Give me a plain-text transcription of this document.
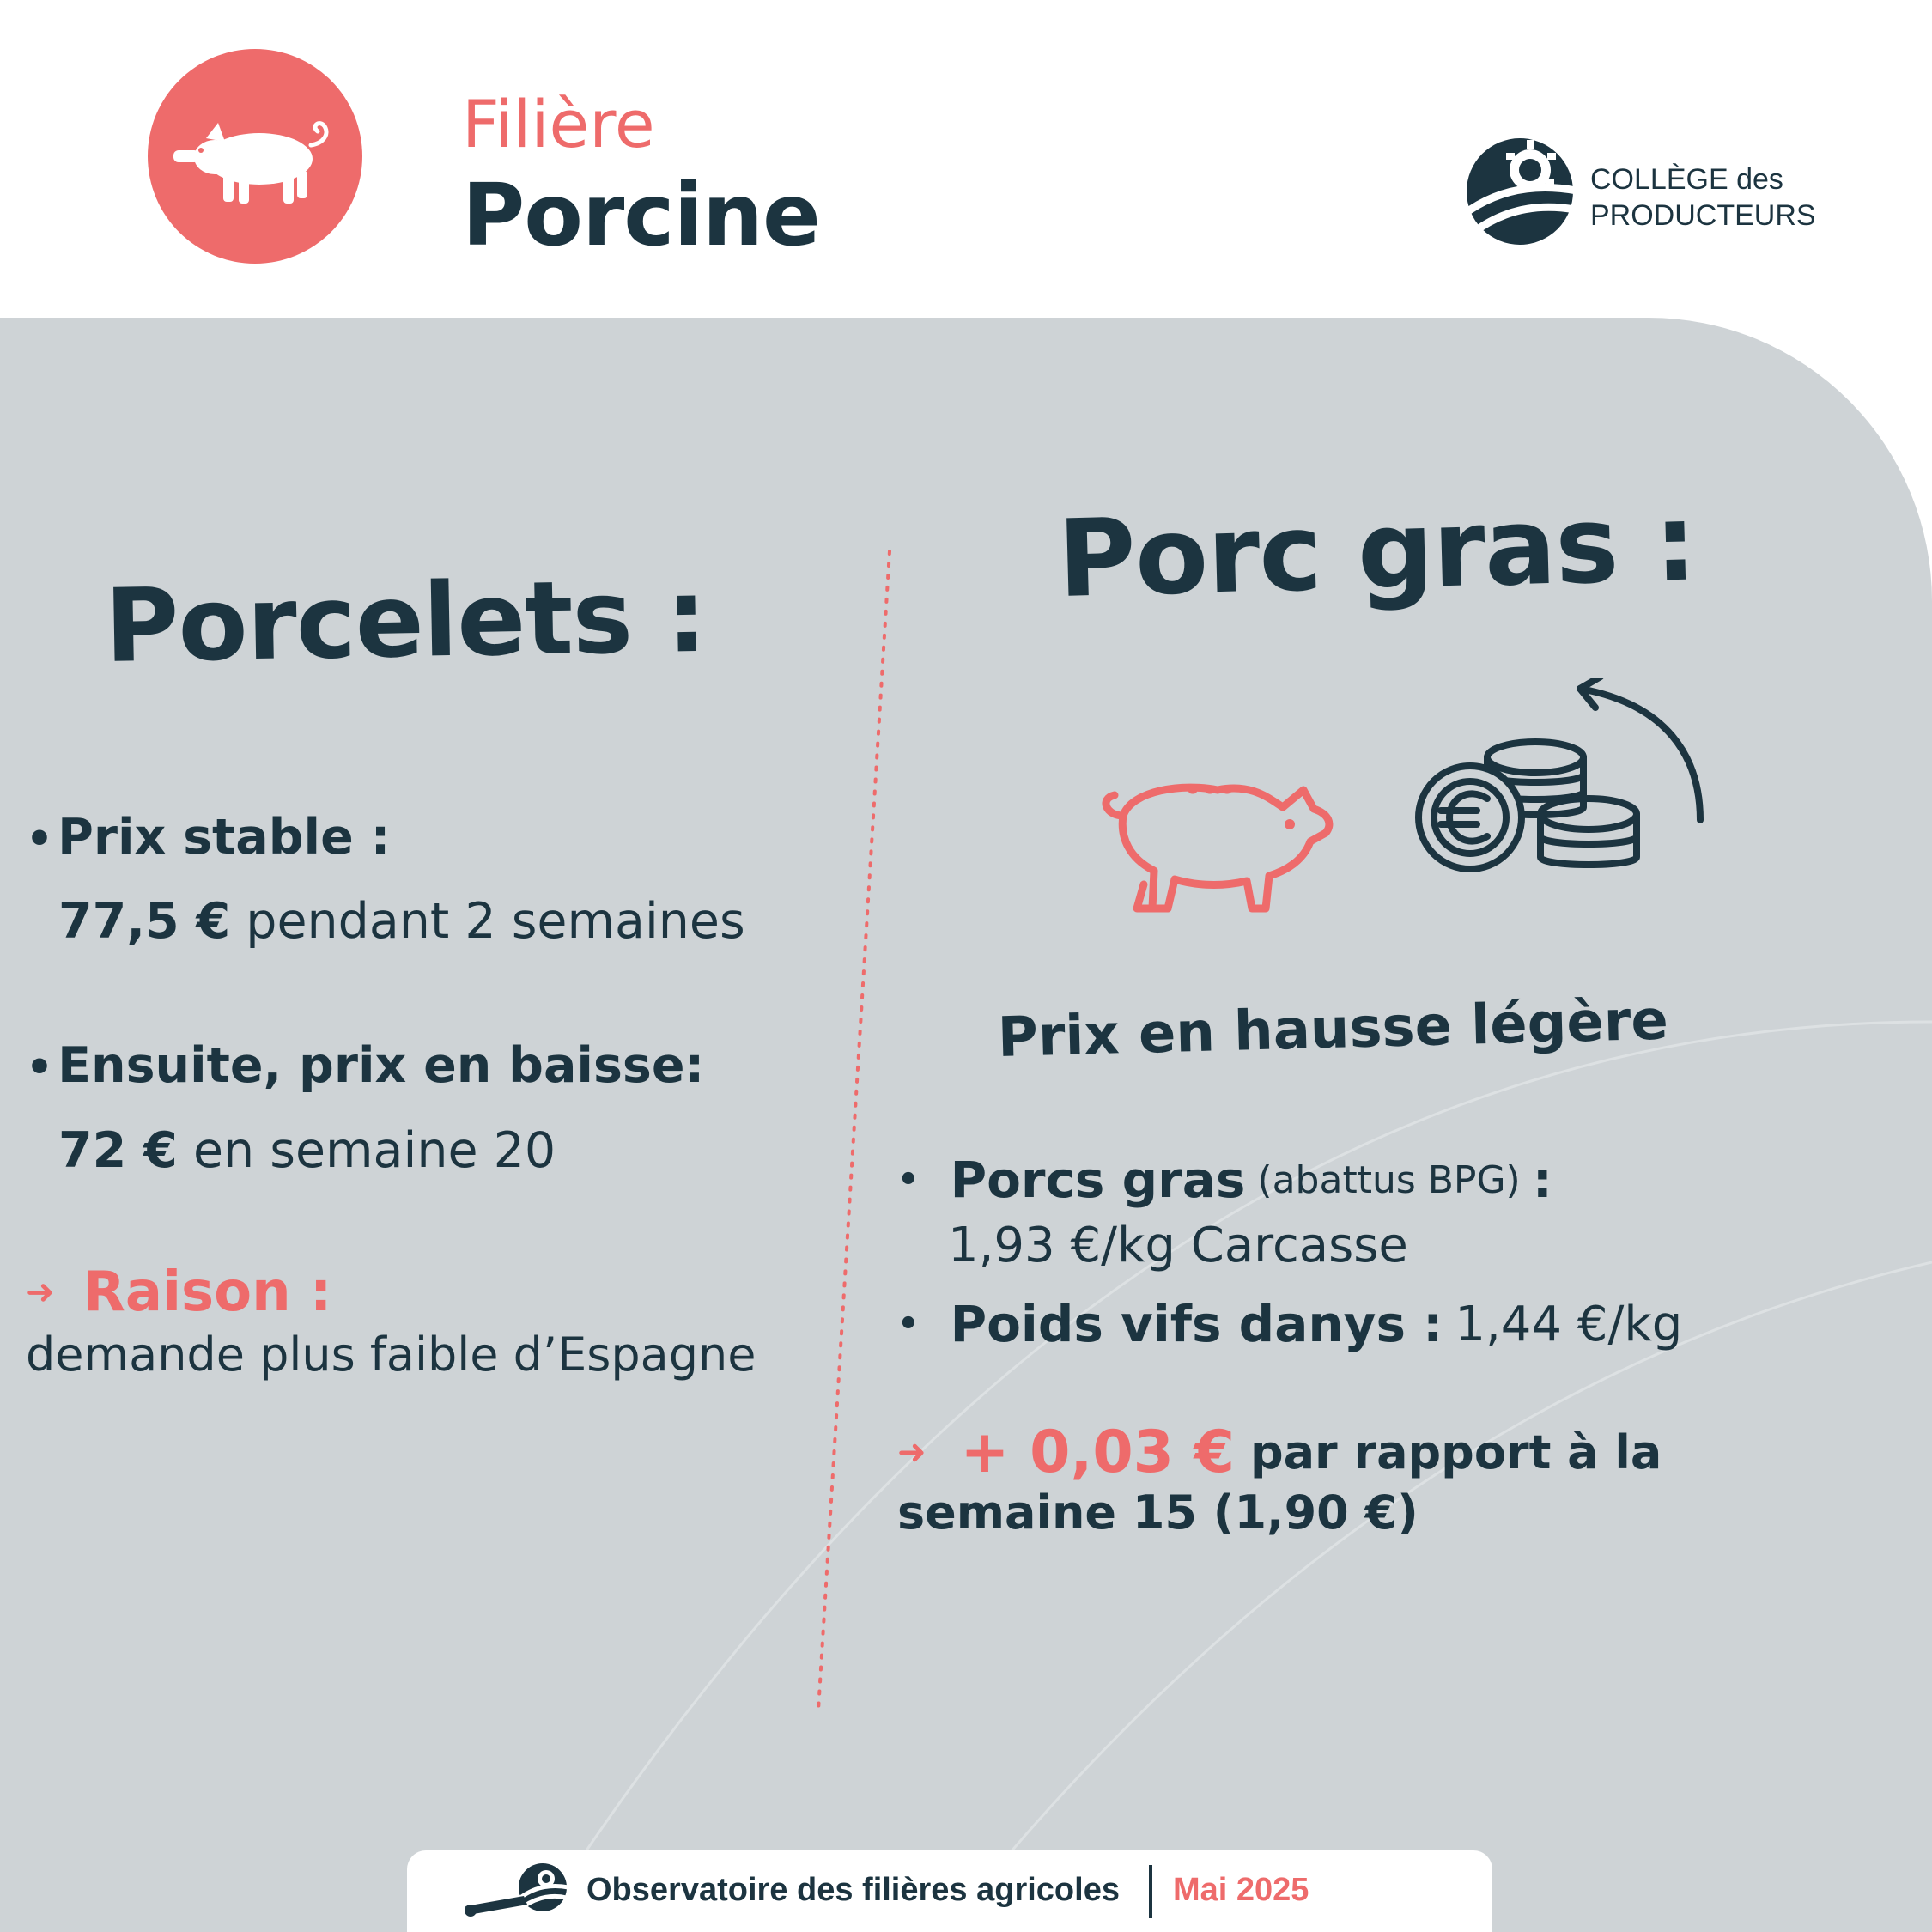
Filière
Porcine	COLLÈGE des
PRODUCTEURS
Porcelets :
• Prix stable :
77,5 € pendant 2 semaines
• Ensuite, prix en baisse:
72 € en semaine 20
➜ Raison :
demande plus faible d’Espagne
Porc gras :
Prix en hausse légère
• Porcs gras (abattus BPG) :
1,93 €/kg Carcasse
• Poids vifs danys : 1,44 €/kg
➜ + 0,03 € par rapport à la
semaine 15 (1,90 €)
Observatoire des filières agricoles Mai 2025
